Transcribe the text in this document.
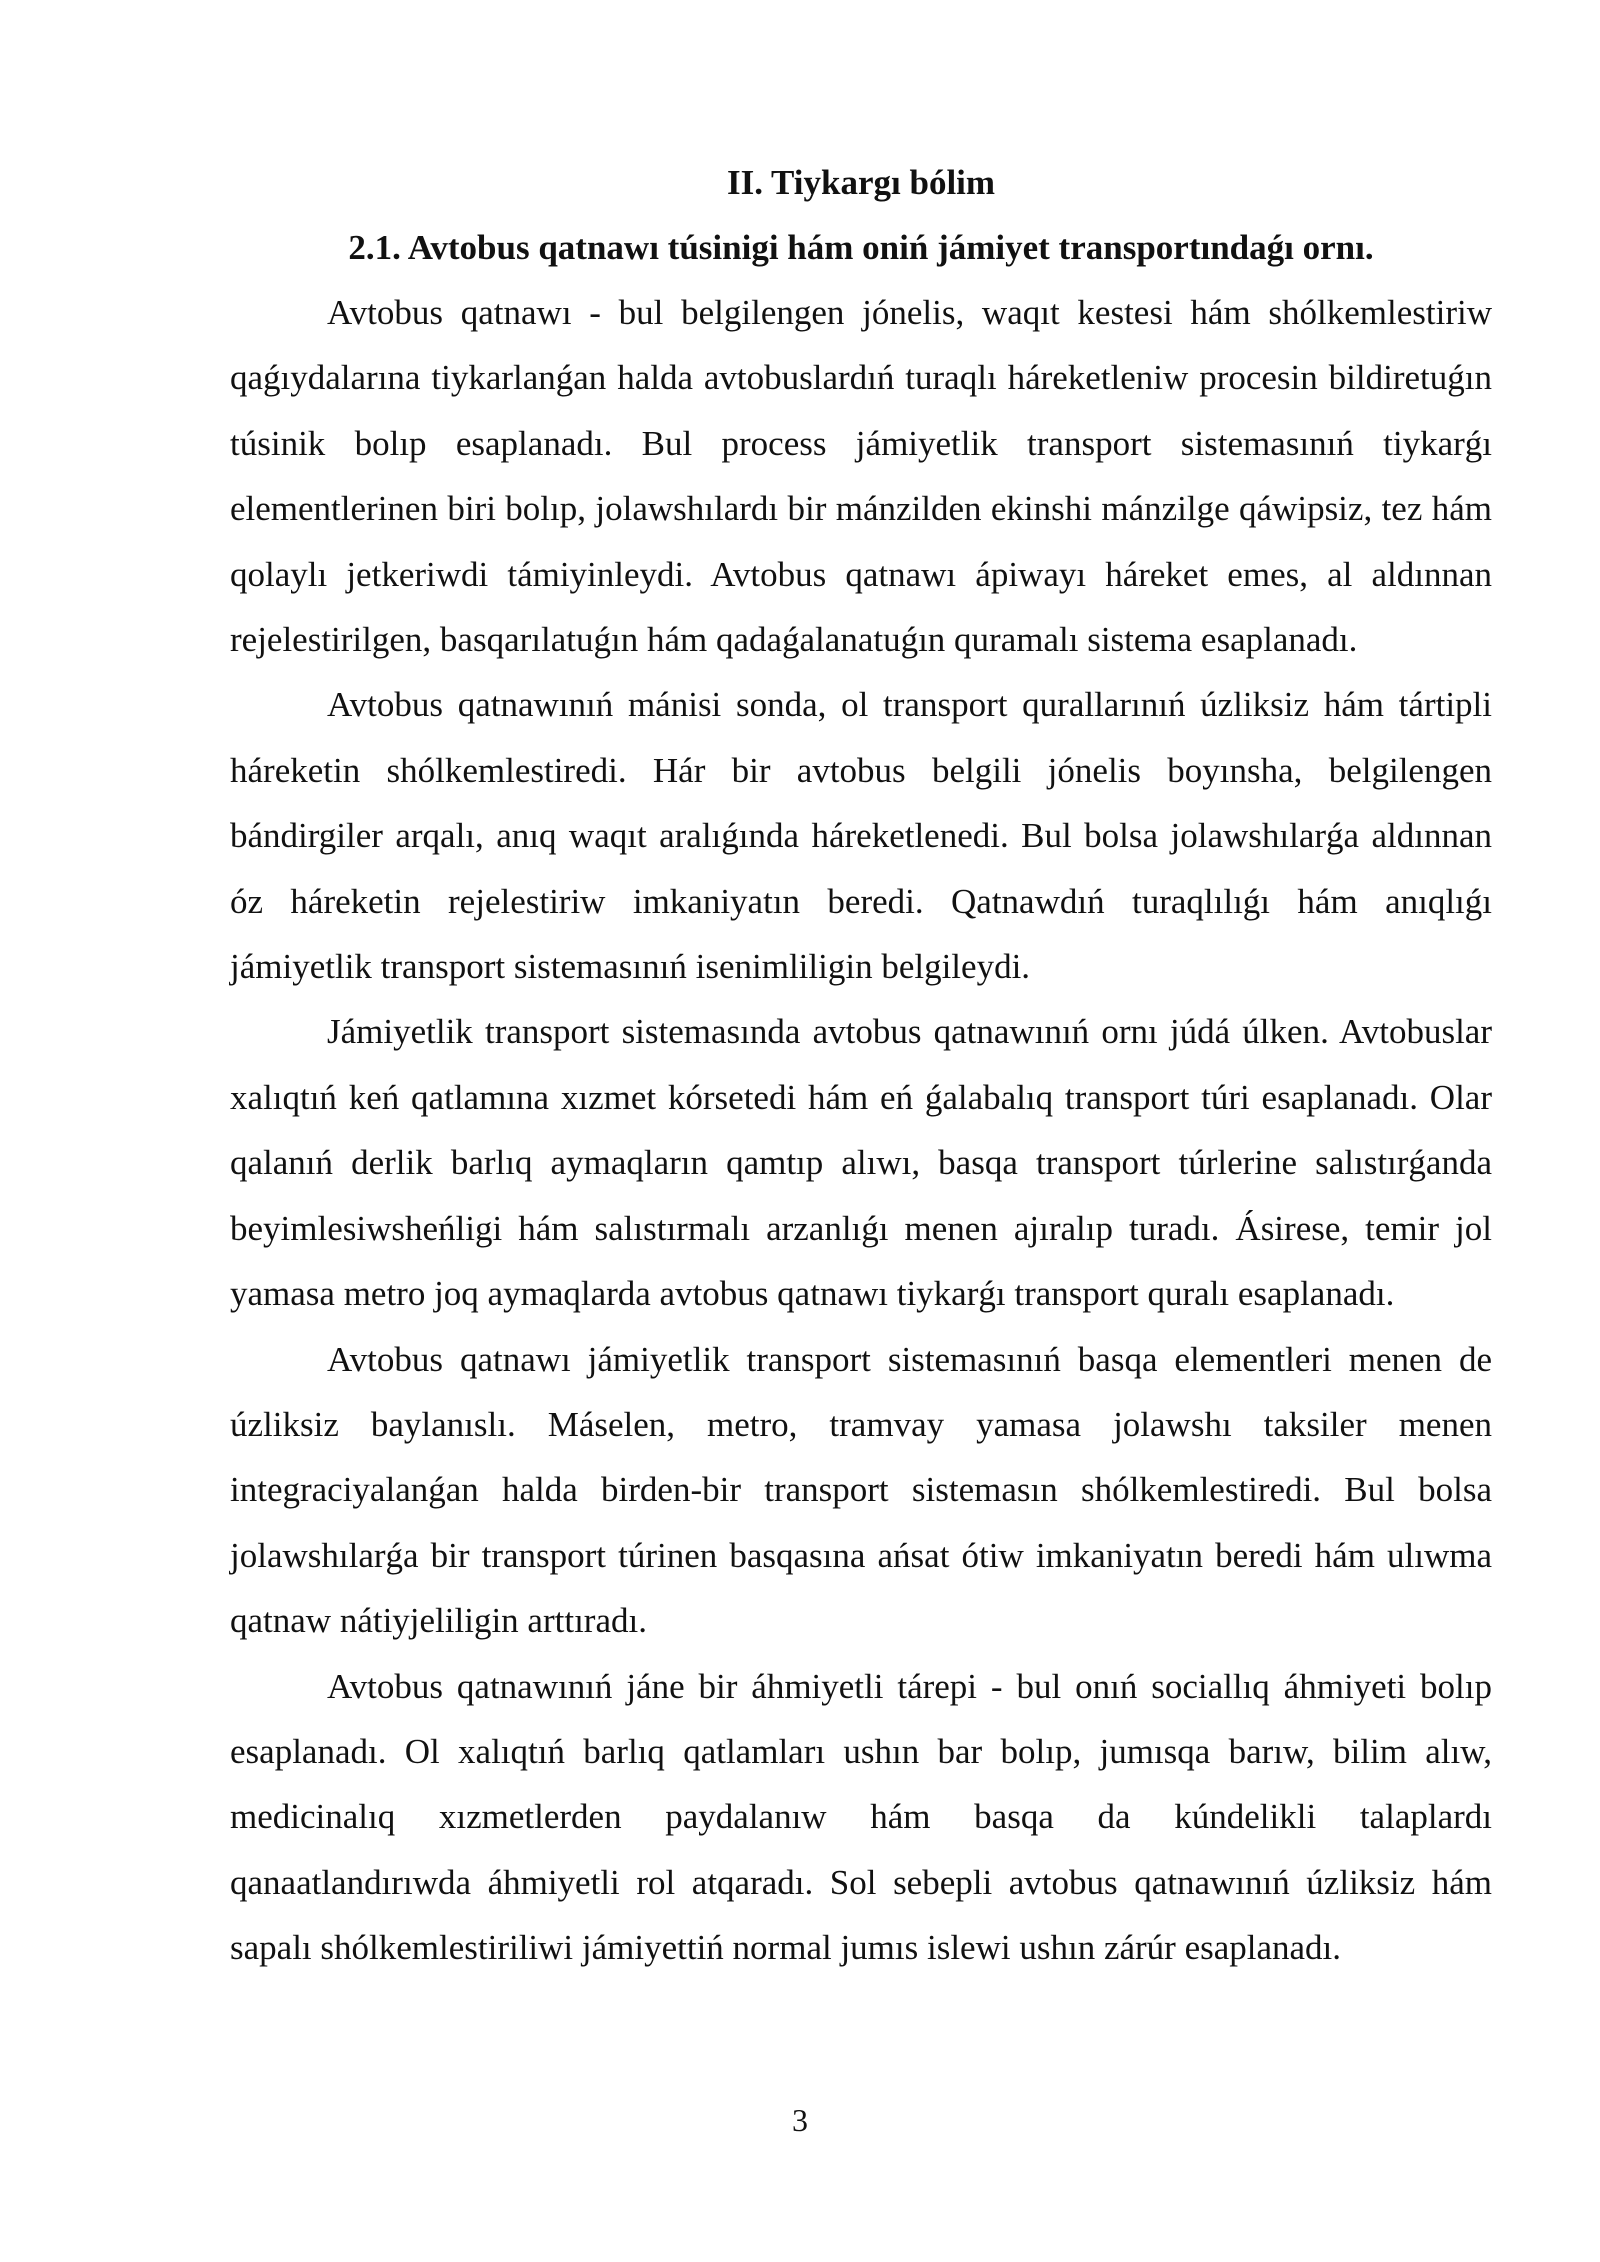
II. Tiykargı bólim
2.1. Avtobus qatnawı túsinigi hám oniń jámiyet transportındaǵı ornı.

Avtobus qatnawı - bul belgilengen jónelis, waqıt kestesi hám shólkemlestiriw qaǵıydalarına tiykarlanǵan halda avtobuslardıń turaqlı háreketleniw procesin bildiretuǵın túsinik bolıp esaplanadı. Bul process jámiyetlik transport sistemasınıń tiykarǵı elementlerinen biri bolıp, jolawshılardı bir mánzilden ekinshi mánzilge qáwipsiz, tez hám qolaylı jetkeriwdi támiyinleydi. Avtobus qatnawı ápiwayı háreket emes, al aldınnan rejelestirilgen, basqarılatuǵın hám qadaǵalanatuǵın quramalı sistema esaplanadı.

Avtobus qatnawınıń mánisi sonda, ol transport qurallarınıń úzliksiz hám tártipli háreketin shólkemlestiredi. Hár bir avtobus belgili jónelis boyınsha, belgilengen bándirgiler arqalı, anıq waqıt aralıǵında háreketlenedi. Bul bolsa jolawshılarǵa aldınnan óz háreketin rejelestiriw imkaniyatın beredi. Qatnawdıń turaqlılıǵı hám anıqlıǵı jámiyetlik transport sistemasınıń isenimliligin belgileydi.

Jámiyetlik transport sistemasında avtobus qatnawınıń ornı júdá úlken. Avtobuslar xalıqtıń keń qatlamına xızmet kórsetedi hám eń ǵalabalıq transport túri esaplanadı. Olar qalanıń derlik barlıq aymaqların qamtıp alıwı, basqa transport túrlerine salıstırǵanda beyimlesiwsheńligi hám salıstırmalı arzanlıǵı menen ajıralıp turadı. Ásirese, temir jol yamasa metro joq aymaqlarda avtobus qatnawı tiykarǵı transport quralı esaplanadı.

Avtobus qatnawı jámiyetlik transport sistemasınıń basqa elementleri menen de úzliksiz baylanıslı. Máselen, metro, tramvay yamasa jolawshı taksiler menen integraciyalanǵan halda birden-bir transport sistemasın shólkemlestiredi. Bul bolsa jolawshılarǵa bir transport túrinen basqasına ańsat ótiw imkaniyatın beredi hám ulıwma qatnaw nátiyjeliligin arttıradı.

Avtobus qatnawınıń jáne bir áhmiyetli tárepi - bul onıń sociallıq áhmiyeti bolıp esaplanadı. Ol xalıqtıń barlıq qatlamları ushın bar bolıp, jumısqa barıw, bilim alıw, medicinalıq xızmetlerden paydalanıw hám basqa da kúndelikli talaplardı qanaatlandırıwda áhmiyetli rol atqaradı. Sol sebepli avtobus qatnawınıń úzliksiz hám sapalı shólkemlestiriliwi jámiyettiń normal jumıs islewi ushın zárúr esaplanadı.

3
